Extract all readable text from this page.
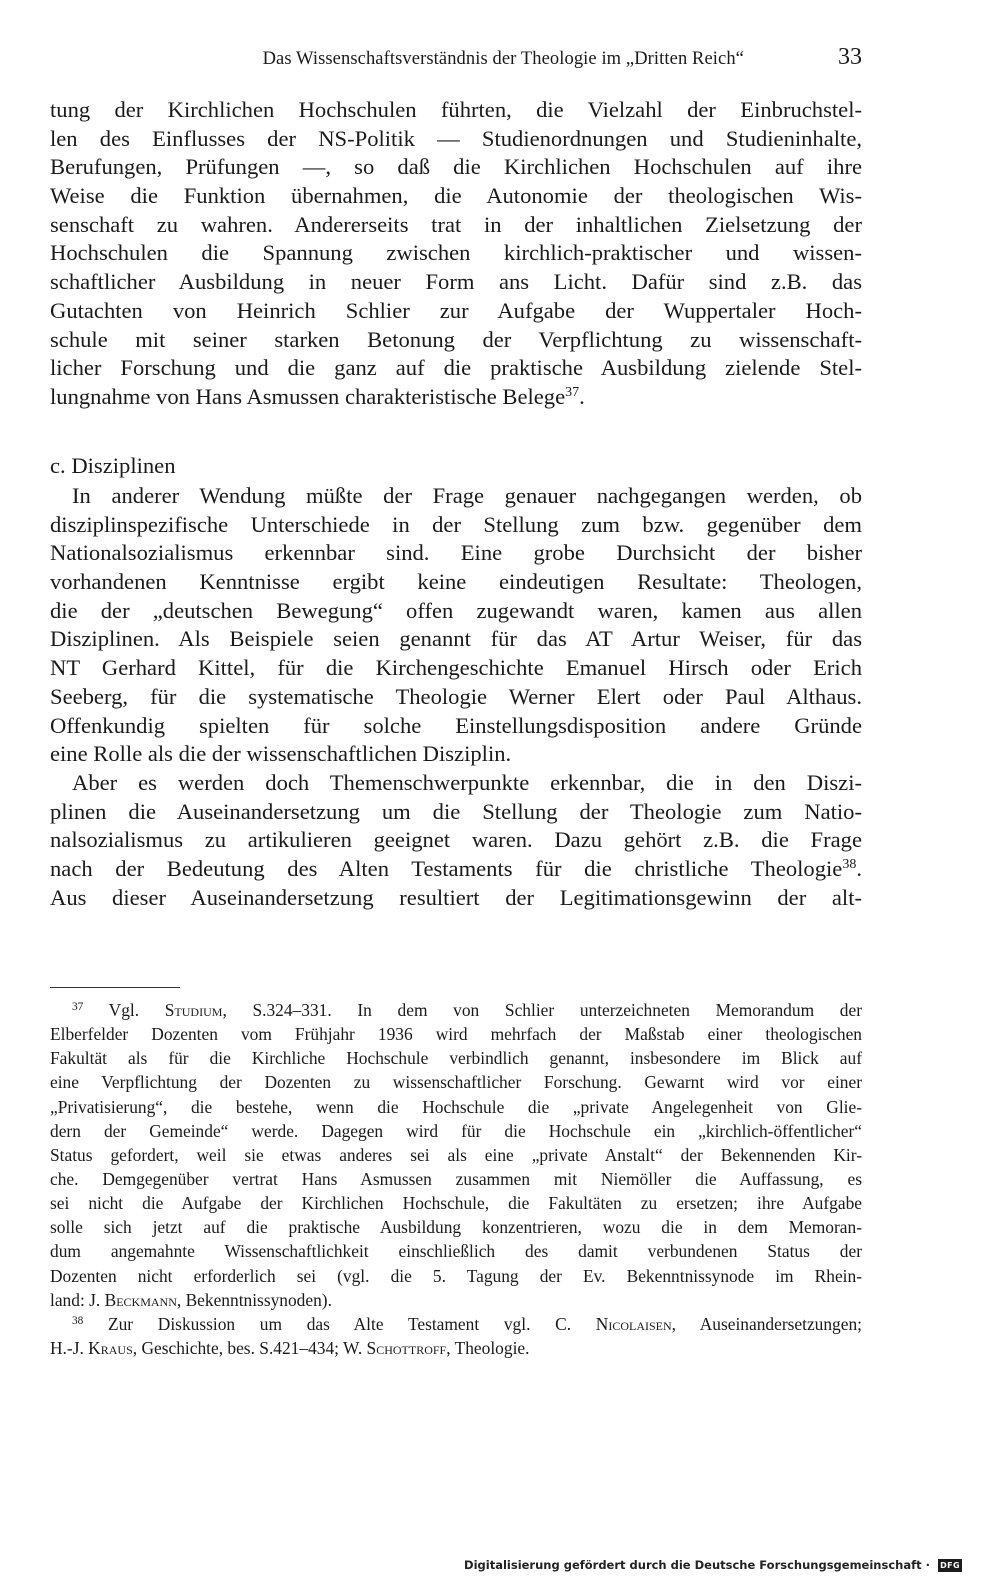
Das Wissenschaftsverständnis der Theologie im „Dritten Reich“	33
tung der Kirchlichen Hochschulen führten, die Vielzahl der Einbruchstel-
len des Einflusses der NS-Politik — Studienordnungen und Studieninhalte,
Berufungen, Prüfungen —, so daß die Kirchlichen Hochschulen auf ihre
Weise die Funktion übernahmen, die Autonomie der theologischen Wis-
senschaft zu wahren. Andererseits trat in der inhaltlichen Zielsetzung der
Hochschulen die Spannung zwischen kirchlich-praktischer und wissen-
schaftlicher Ausbildung in neuer Form ans Licht. Dafür sind z.B. das
Gutachten von Heinrich Schlier zur Aufgabe der Wuppertaler Hoch-
schule mit seiner starken Betonung der Verpflichtung zu wissenschaft-
licher Forschung und die ganz auf die praktische Ausbildung zielende Stel-
lungnahme von Hans Asmussen charakteristische Belege$^{37}$.
c. Disziplinen
In anderer Wendung müßte der Frage genauer nachgegangen werden, ob
disziplinspezifische Unterschiede in der Stellung zum bzw. gegenüber dem
Nationalsozialismus erkennbar sind. Eine grobe Durchsicht der bisher
vorhandenen Kenntnisse ergibt keine eindeutigen Resultate: Theologen,
die der „deutschen Bewegung“ offen zugewandt waren, kamen aus allen
Disziplinen. Als Beispiele seien genannt für das AT Artur Weiser, für das
NT Gerhard Kittel, für die Kirchengeschichte Emanuel Hirsch oder Erich
Seeberg, für die systematische Theologie Werner Elert oder Paul Althaus.
Offenkundig spielten für solche Einstellungsdisposition andere Gründe
eine Rolle als die der wissenschaftlichen Disziplin.
Aber es werden doch Themenschwerpunkte erkennbar, die in den Diszi-
plinen die Auseinandersetzung um die Stellung der Theologie zum Natio-
nalsozialismus zu artikulieren geeignet waren. Dazu gehört z.B. die Frage
nach der Bedeutung des Alten Testaments für die christliche Theologie$^{38}$.
Aus dieser Auseinandersetzung resultiert der Legitimationsgewinn der alt-
$^{37}$ Vgl. Studium, S.324–331. In dem von Schlier unterzeichneten Memorandum der
Elberfelder Dozenten vom Frühjahr 1936 wird mehrfach der Maßstab einer theologischen
Fakultät als für die Kirchliche Hochschule verbindlich genannt, insbesondere im Blick auf
eine Verpflichtung der Dozenten zu wissenschaftlicher Forschung. Gewarnt wird vor einer
„Privatisierung“, die bestehe, wenn die Hochschule die „private Angelegenheit von Glie-
dern der Gemeinde“ werde. Dagegen wird für die Hochschule ein „kirchlich-öffentlicher“
Status gefordert, weil sie etwas anderes sei als eine „private Anstalt“ der Bekennenden Kir-
che. Demgegenüber vertrat Hans Asmussen zusammen mit Niemöller die Auffassung, es
sei nicht die Aufgabe der Kirchlichen Hochschule, die Fakultäten zu ersetzen; ihre Aufgabe
solle sich jetzt auf die praktische Ausbildung konzentrieren, wozu die in dem Memoran-
dum angemahnte Wissenschaftlichkeit einschließlich des damit verbundenen Status der
Dozenten nicht erforderlich sei (vgl. die 5. Tagung der Ev. Bekenntnissynode im Rhein-
land: J. Beckmann, Bekenntnissynoden).
$^{38}$ Zur Diskussion um das Alte Testament vgl. C. Nicolaisen, Auseinandersetzungen;
H.-J. Kraus, Geschichte, bes. S.421–434; W. Schottroff, Theologie.
Digitalisierung gefördert durch die Deutsche Forschungsgemeinschaft · DFG
